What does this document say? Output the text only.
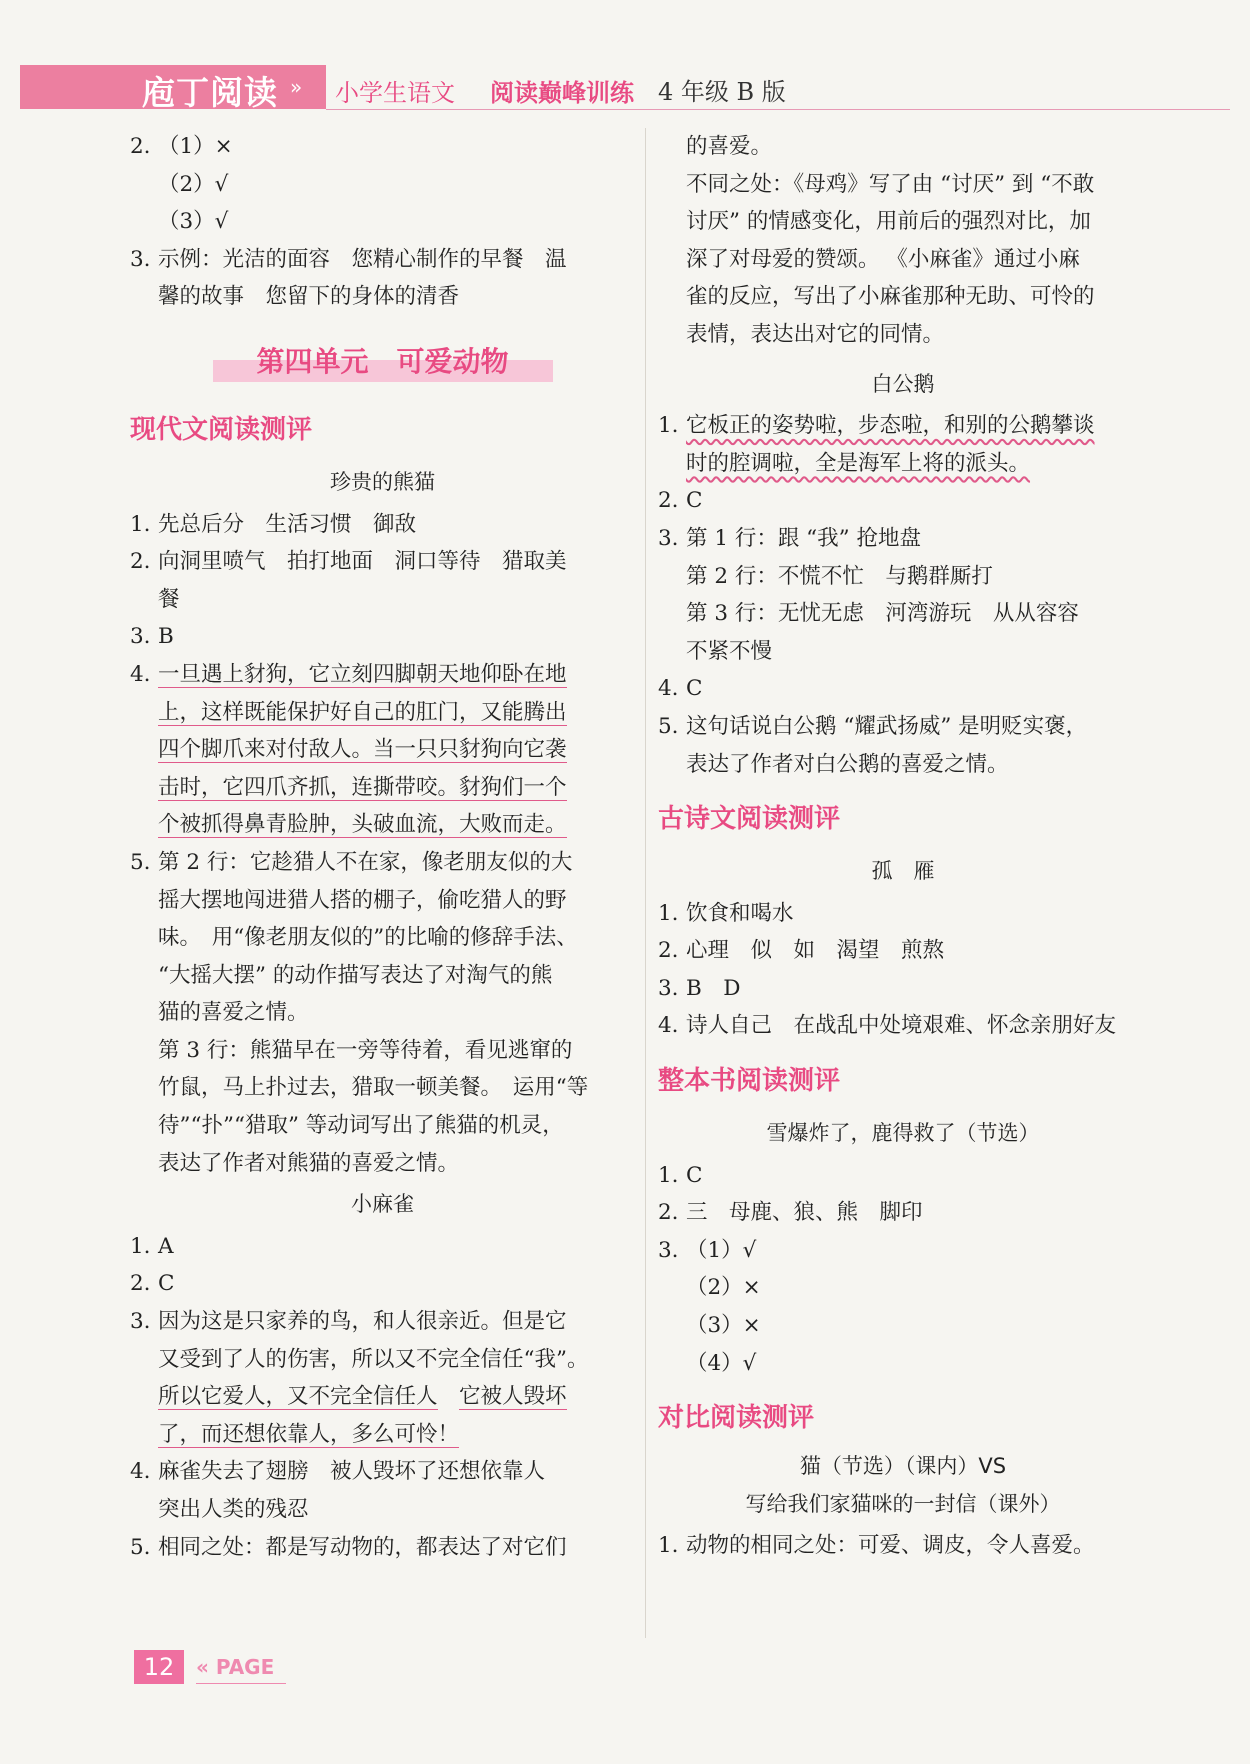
庖丁阅读 » 小学生语文 阅读巅峰训练 4 年级 B 版
2. （1）×
（2）√
（3）√
3. 示例：光洁的面容　您精心制作的早餐　温
馨的故事　您留下的身体的清香
第四单元　可爱动物
现代文阅读测评
珍贵的熊猫
1. 先总后分　生活习惯　御敌
2. 向洞里喷气　拍打地面　洞口等待　猎取美
餐
3. B
4. 一旦遇上豺狗，它立刻四脚朝天地仰卧在地
上，这样既能保护好自己的肛门，又能腾出
四个脚爪来对付敌人。当一只只豺狗向它袭
击时，它四爪齐抓，连撕带咬。豺狗们一个
个被抓得鼻青脸肿，头破血流，大败而走。
5. 第 2 行：它趁猎人不在家，像老朋友似的大
摇大摆地闯进猎人搭的棚子，偷吃猎人的野
味。　用“像老朋友似的”的比喻的修辞手法、
“大摇大摆” 的动作描写表达了对淘气的熊
猫的喜爱之情。
第 3 行：熊猫早在一旁等待着，看见逃窜的
竹鼠，马上扑过去，猎取一顿美餐。　运用“等
待”“扑”“猎取” 等动词写出了熊猫的机灵，
表达了作者对熊猫的喜爱之情。
小麻雀
1. A
2. C
3. 因为这是只家养的鸟，和人很亲近。但是它
又受到了人的伤害，所以又不完全信任“我”。
所以它爱人，又不完全信任人　 它被人毁坏
了，而还想依靠人，多么可怜！
4. 麻雀失去了翅膀　被人毁坏了还想依靠人
突出人类的残忍
5. 相同之处：都是写动物的，都表达了对它们
的喜爱。
不同之处：《母鸡》写了由 “讨厌” 到 “不敢
讨厌” 的情感变化，用前后的强烈对比，加
深了对母爱的赞颂。 《小麻雀》通过小麻
雀的反应，写出了小麻雀那种无助、可怜的
表情，表达出对它的同情。
白公鹅
1. 它板正的姿势啦，步态啦，和别的公鹅攀谈
时的腔调啦，全是海军上将的派头。
2. C
3. 第 1 行：跟 “我” 抢地盘
第 2 行：不慌不忙　与鹅群厮打
第 3 行：无忧无虑　河湾游玩　从从容容
不紧不慢
4. C
5. 这句话说白公鹅 “耀武扬威” 是明贬实褒，
表达了作者对白公鹅的喜爱之情。
古诗文阅读测评
孤　雁
1. 饮食和喝水
2. 心理　似　如　渴望　煎熬
3. B　D
4. 诗人自己　在战乱中处境艰难、怀念亲朋好友
整本书阅读测评
雪爆炸了，鹿得救了（节选）
1. C
2. 三　母鹿、狼、熊　脚印
3. （1）√
（2）×
（3）×
（4）√
对比阅读测评
猫（节选）（课内）VS
写给我们家猫咪的一封信（课外）
1. 动物的相同之处：可爱、调皮，令人喜爱。
12	« PAGE
